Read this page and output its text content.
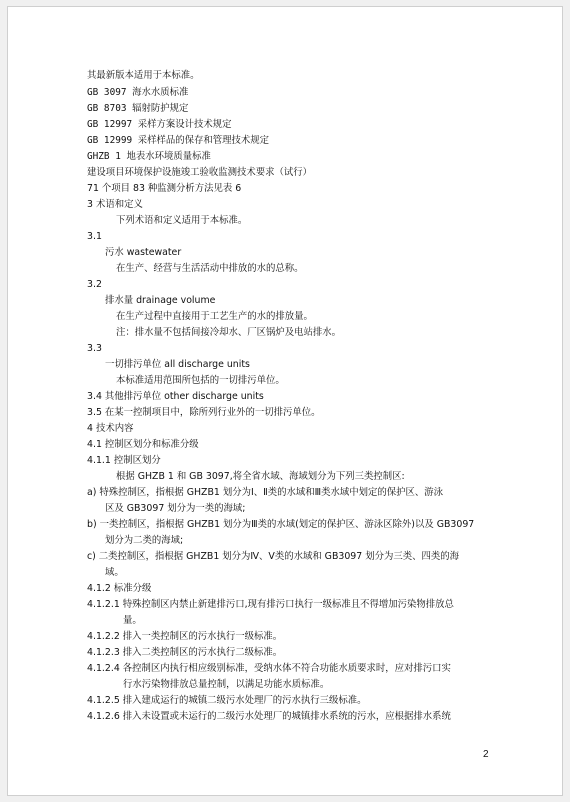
其最新版本适用于本标准。
GB 3097 海水水质标准
GB 8703 辐射防护规定
GB 12997 采样方案设计技术规定
GB 12999 采样样品的保存和管理技术规定
GHZB 1 地表水环境质量标准
建设项目环境保护设施竣工验收监测技术要求（试行）
71 个项目 83 种监测分析方法见表 6
3 术语和定义
下列术语和定义适用于本标准。
3.1
污水 wastewater
在生产、经营与生活活动中排放的水的总称。
3.2
排水量 drainage volume
在生产过程中直接用于工艺生产的水的排放量。
注：排水量不包括间接冷却水、厂区锅炉及电站排水。
3.3
一切排污单位 all discharge units
本标准适用范围所包括的一切排污单位。
3.4 其他排污单位 other discharge units
3.5 在某一控制项目中，除所列行业外的一切排污单位。
4 技术内容
4.1 控制区划分和标准分级
4.1.1 控制区划分
根据 GHZB 1 和 GB 3097,将全省水域、海域划分为下列三类控制区:
a) 特殊控制区，指根据 GHZB1 划分为Ⅰ、Ⅱ类的水域和Ⅲ类水域中划定的保护区、游泳
区及 GB3097 划分为一类的海域;
b) 一类控制区，指根据 GHZB1 划分为Ⅲ类的水域(划定的保护区、游泳区除外)以及 GB3097
划分为二类的海域;
c) 二类控制区，指根据 GHZB1 划分为Ⅳ、Ⅴ类的水域和 GB3097 划分为三类、四类的海
域。
4.1.2 标准分级
4.1.2.1 特殊控制区内禁止新建排污口,现有排污口执行一级标准且不得增加污染物排放总
量。
4.1.2.2 排入一类控制区的污水执行一级标准。
4.1.2.3 排入二类控制区的污水执行二级标准。
4.1.2.4 各控制区内执行相应级别标准，受纳水体不符合功能水质要求时，应对排污口实
行水污染物排放总量控制，以满足功能水质标准。
4.1.2.5 排入建成运行的城镇二级污水处理厂的污水执行三级标准。
4.1.2.6 排入未设置或未运行的二级污水处理厂的城镇排水系统的污水，应根据排水系统
2
